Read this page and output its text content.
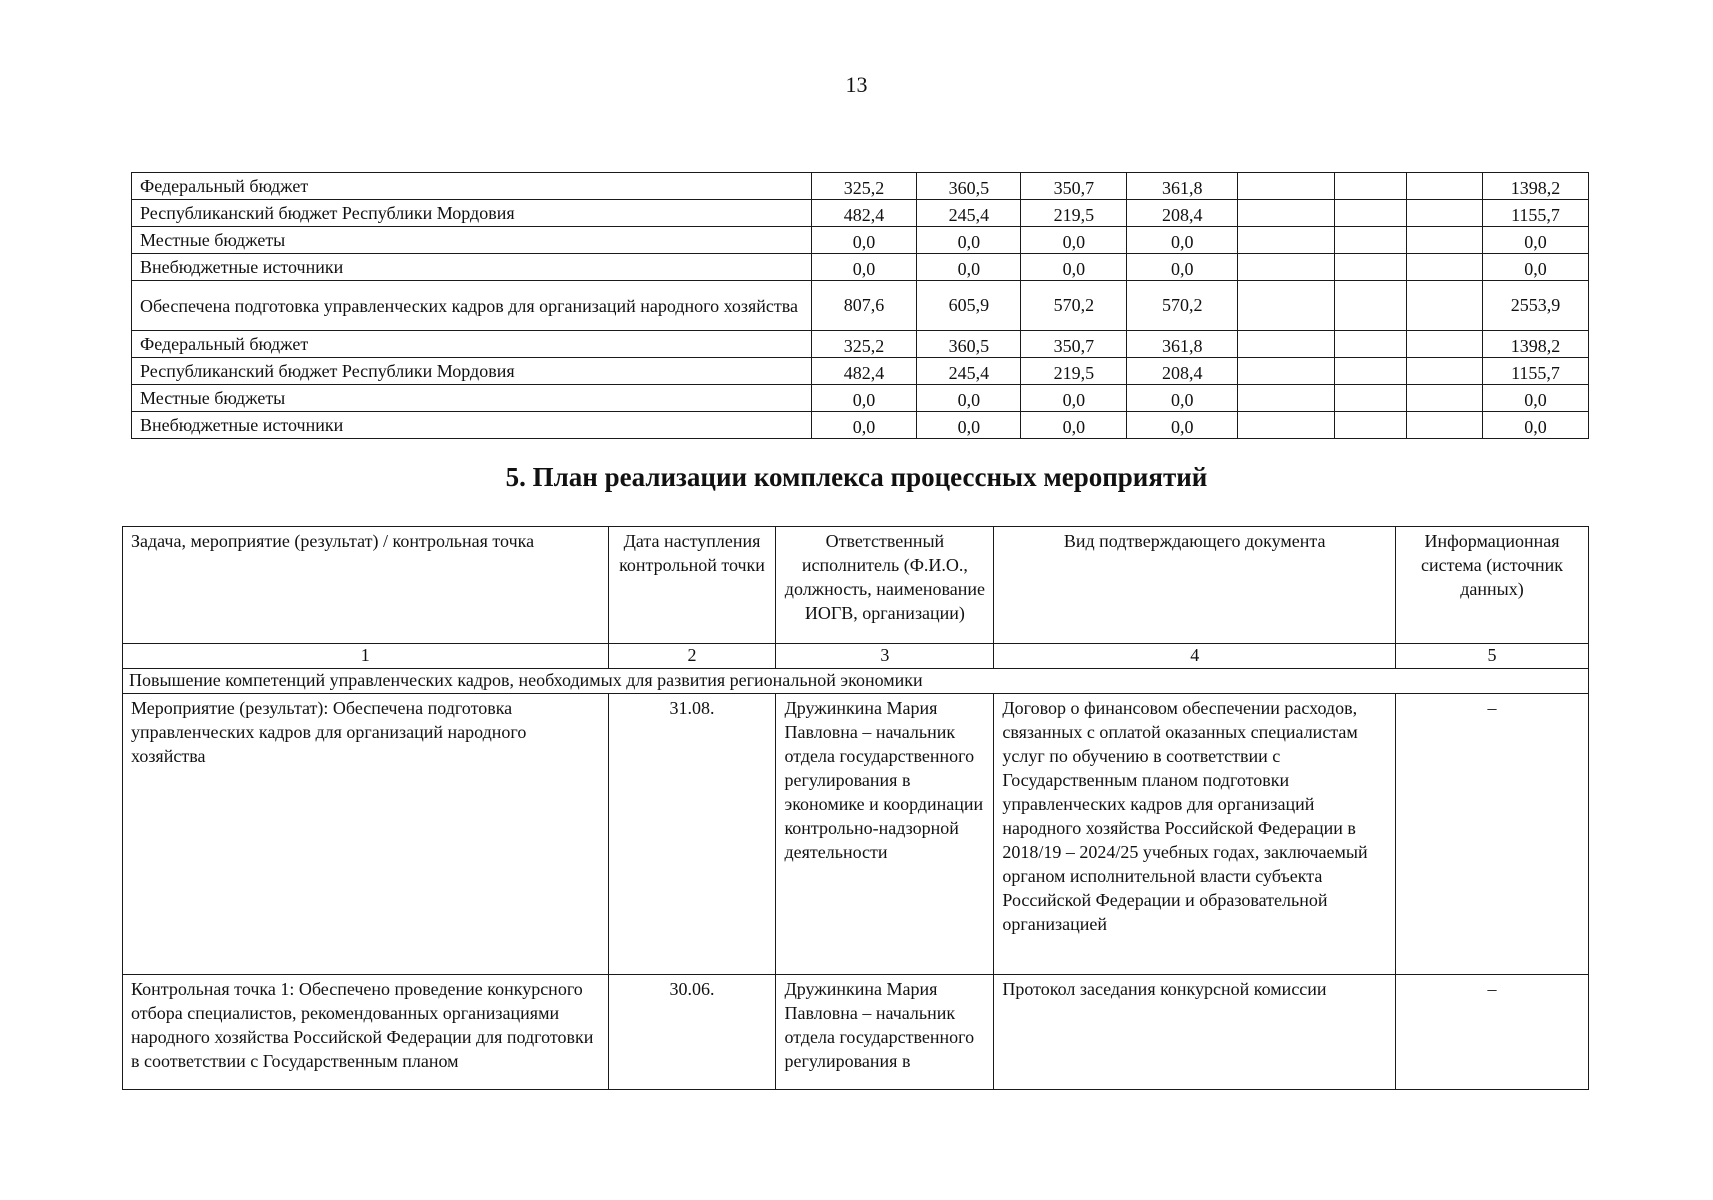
13
Федеральный бюджет	325,2	360,5	350,7	361,8				1398,2
Республиканский бюджет Республики Мордовия	482,4	245,4	219,5	208,4				1155,7
Местные бюджеты	0,0	0,0	0,0	0,0				0,0
Внебюджетные источники	0,0	0,0	0,0	0,0				0,0
Обеспечена подготовка управленческих кадров для организаций народного хозяйства	807,6	605,9	570,2	570,2				2553,9
Федеральный бюджет	325,2	360,5	350,7	361,8				1398,2
Республиканский бюджет Республики Мордовия	482,4	245,4	219,5	208,4				1155,7
Местные бюджеты	0,0	0,0	0,0	0,0				0,0
Внебюджетные источники	0,0	0,0	0,0	0,0				0,0
5. План реализации комплекса процессных мероприятий
Задача, мероприятие (результат) / контрольная точка	Дата наступления контрольной точки	Ответственный исполнитель (Ф.И.О., должность, наименование ИОГВ, организации)	Вид подтверждающего документа	Информационная система (источник данных)
1	2	3	4	5
Повышение компетенций управленческих кадров, необходимых для развития региональной экономики				
Мероприятие (результат): Обеспечена подготовка управленческих кадров для организаций народного хозяйства	31.08.	Дружинкина Мария Павловна – начальник отдела государственного регулирования в экономике и координации контрольно-надзорной деятельности	Договор о финансовом обеспечении расходов, связанных с оплатой оказанных специалистам услуг по обучению в соответствии с Государственным планом подготовки управленческих кадров для организаций народного хозяйства Российской Федерации в 2018/19 – 2024/25 учебных годах, заключаемый органом исполнительной власти субъекта Российской Федерации и образовательной организацией	–

Контрольная точка 1: Обеспечено проведение конкурсного отбора специалистов, рекомендованных организациями народного хозяйства Российской Федерации для подготовки в соответствии с Государственным планом	30.06.	Дружинкина Мария Павловна – начальник отдела государственного регулирования в	Протокол заседания конкурсной комиссии	–
